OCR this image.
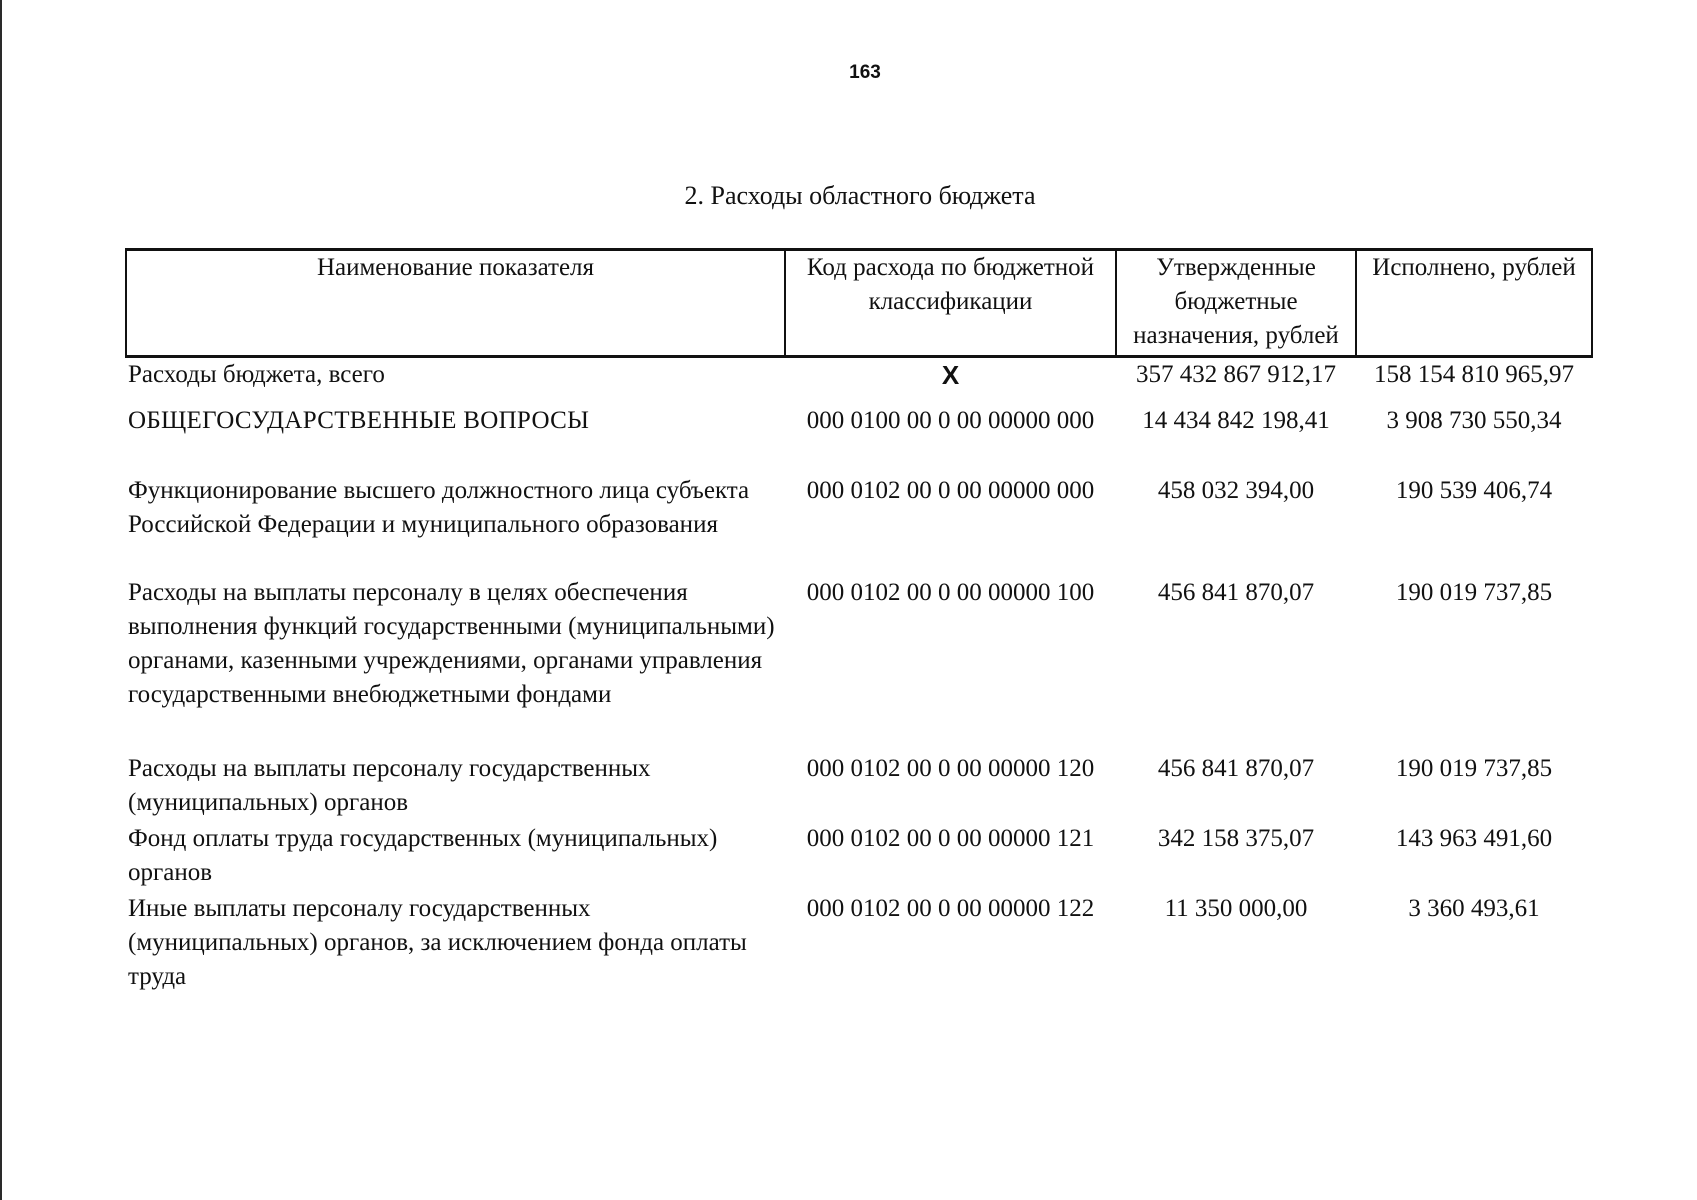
163
2. Расходы областного бюджета
Наименование показателя	Код расхода по бюджетной классификации	Утвержденные бюджетные назначения, рублей	Исполнено, рублей
Расходы бюджета, всего	X	357 432 867 912,17	158 154 810 965,97
ОБЩЕГОСУДАРСТВЕННЫЕ ВОПРОСЫ	000 0100 00 0 00 00000 000	14 434 842 198,41	3 908 730 550,34
Функционирование высшего должностного лица субъекта Российской Федерации и муниципального образования	000 0102 00 0 00 00000 000	458 032 394,00	190 539 406,74
Расходы на выплаты персоналу в целях обеспечения выполнения функций государственными (муниципальными) органами, казенными учреждениями, органами управления государственными внебюджетными фондами	000 0102 00 0 00 00000 100	456 841 870,07	190 019 737,85
Расходы на выплаты персоналу государственных (муниципальных) органов	000 0102 00 0 00 00000 120	456 841 870,07	190 019 737,85
Фонд оплаты труда государственных (муниципальных) органов	000 0102 00 0 00 00000 121	342 158 375,07	143 963 491,60
Иные выплаты персоналу государственных (муниципальных) органов, за исключением фонда оплаты труда	000 0102 00 0 00 00000 122	11 350 000,00	3 360 493,61
